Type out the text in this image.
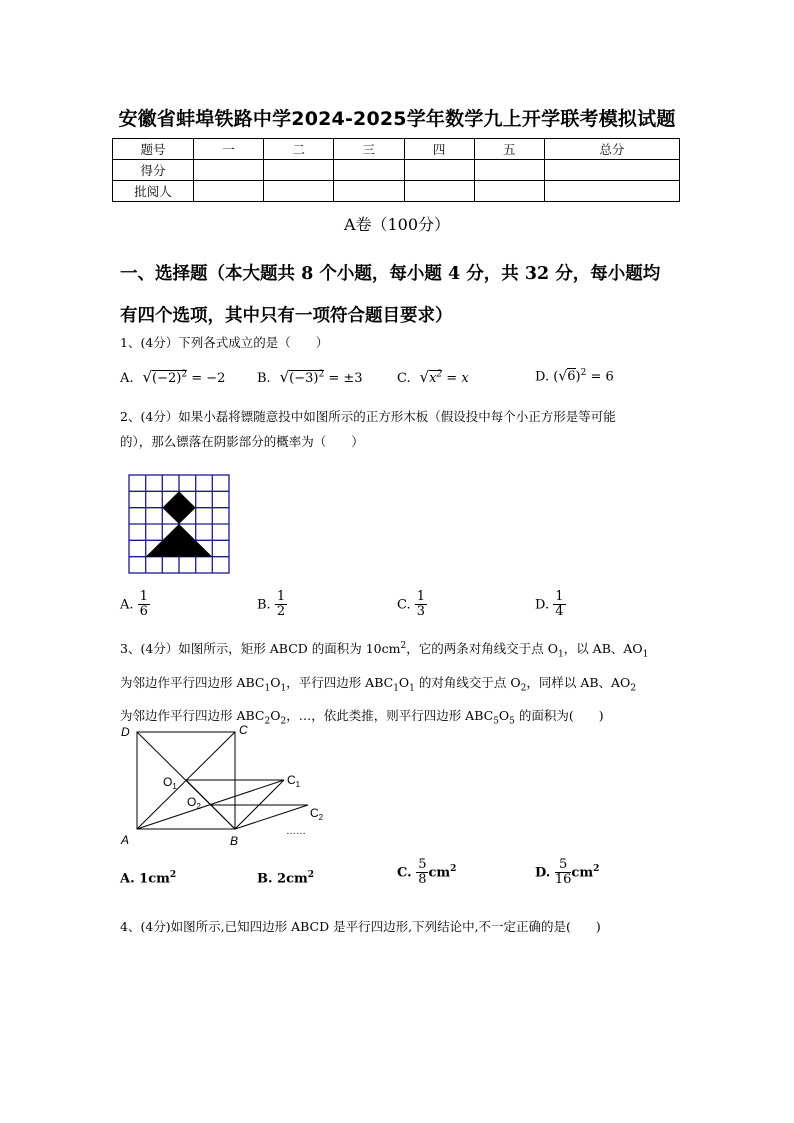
安徽省蚌埠铁路中学2024-2025学年数学九上开学联考模拟试题
题号	一	二	三	四	五	总分
得分						
批阅人						
A卷（100分）
一、选择题（本大题共 8 个小题，每小题 4 分，共 32 分，每小题均
有四个选项，其中只有一项符合题目要求）
1、(4分）下列各式成立的是（　　）
A.  $√(-2)^2 = -2$ B.  $√(-3)^2 = \pm 3$	C.  $√x^2 = x$	D. $(√6)^2 = 6$
2、(4分）如果小磊将镖随意投中如图所示的正方形木板（假设投中每个小正方形是等可能
的），那么镖落在阴影部分的概率为（　　）
A. $\frac{1}{6}$	B. $\frac{1}{2}$	C. $\frac{1}{3}$	D. $\frac{1}{4}$
3、(4分）如图所示，矩形 ABCD 的面积为 $10cm^2$，它的两条对角线交于点 $O_1$，以 AB、$AO_1$
为邻边作平行四边形 $ABC_1O_1$，平行四边形 $ABC_1O_1$ 的对角线交于点 $O_2$，同样以 AB、$AO_2$
为邻边作平行四边形 $ABC_2O_2$，…，依此类推，则平行四边形 $ABC_5O_5$ 的面积为(　　)
D	C
A	B
$O_1$
$O_2$
$C_1$
$C_2$
……
A. $1cm^2$	B. $2cm^2$	C. $\frac{5}{8} cm^2$	D. $\frac{5}{16} cm^2$
4、(4分)如图所示,已知四边形 ABCD 是平行四边形,下列结论中,不一定正确的是(　　)
